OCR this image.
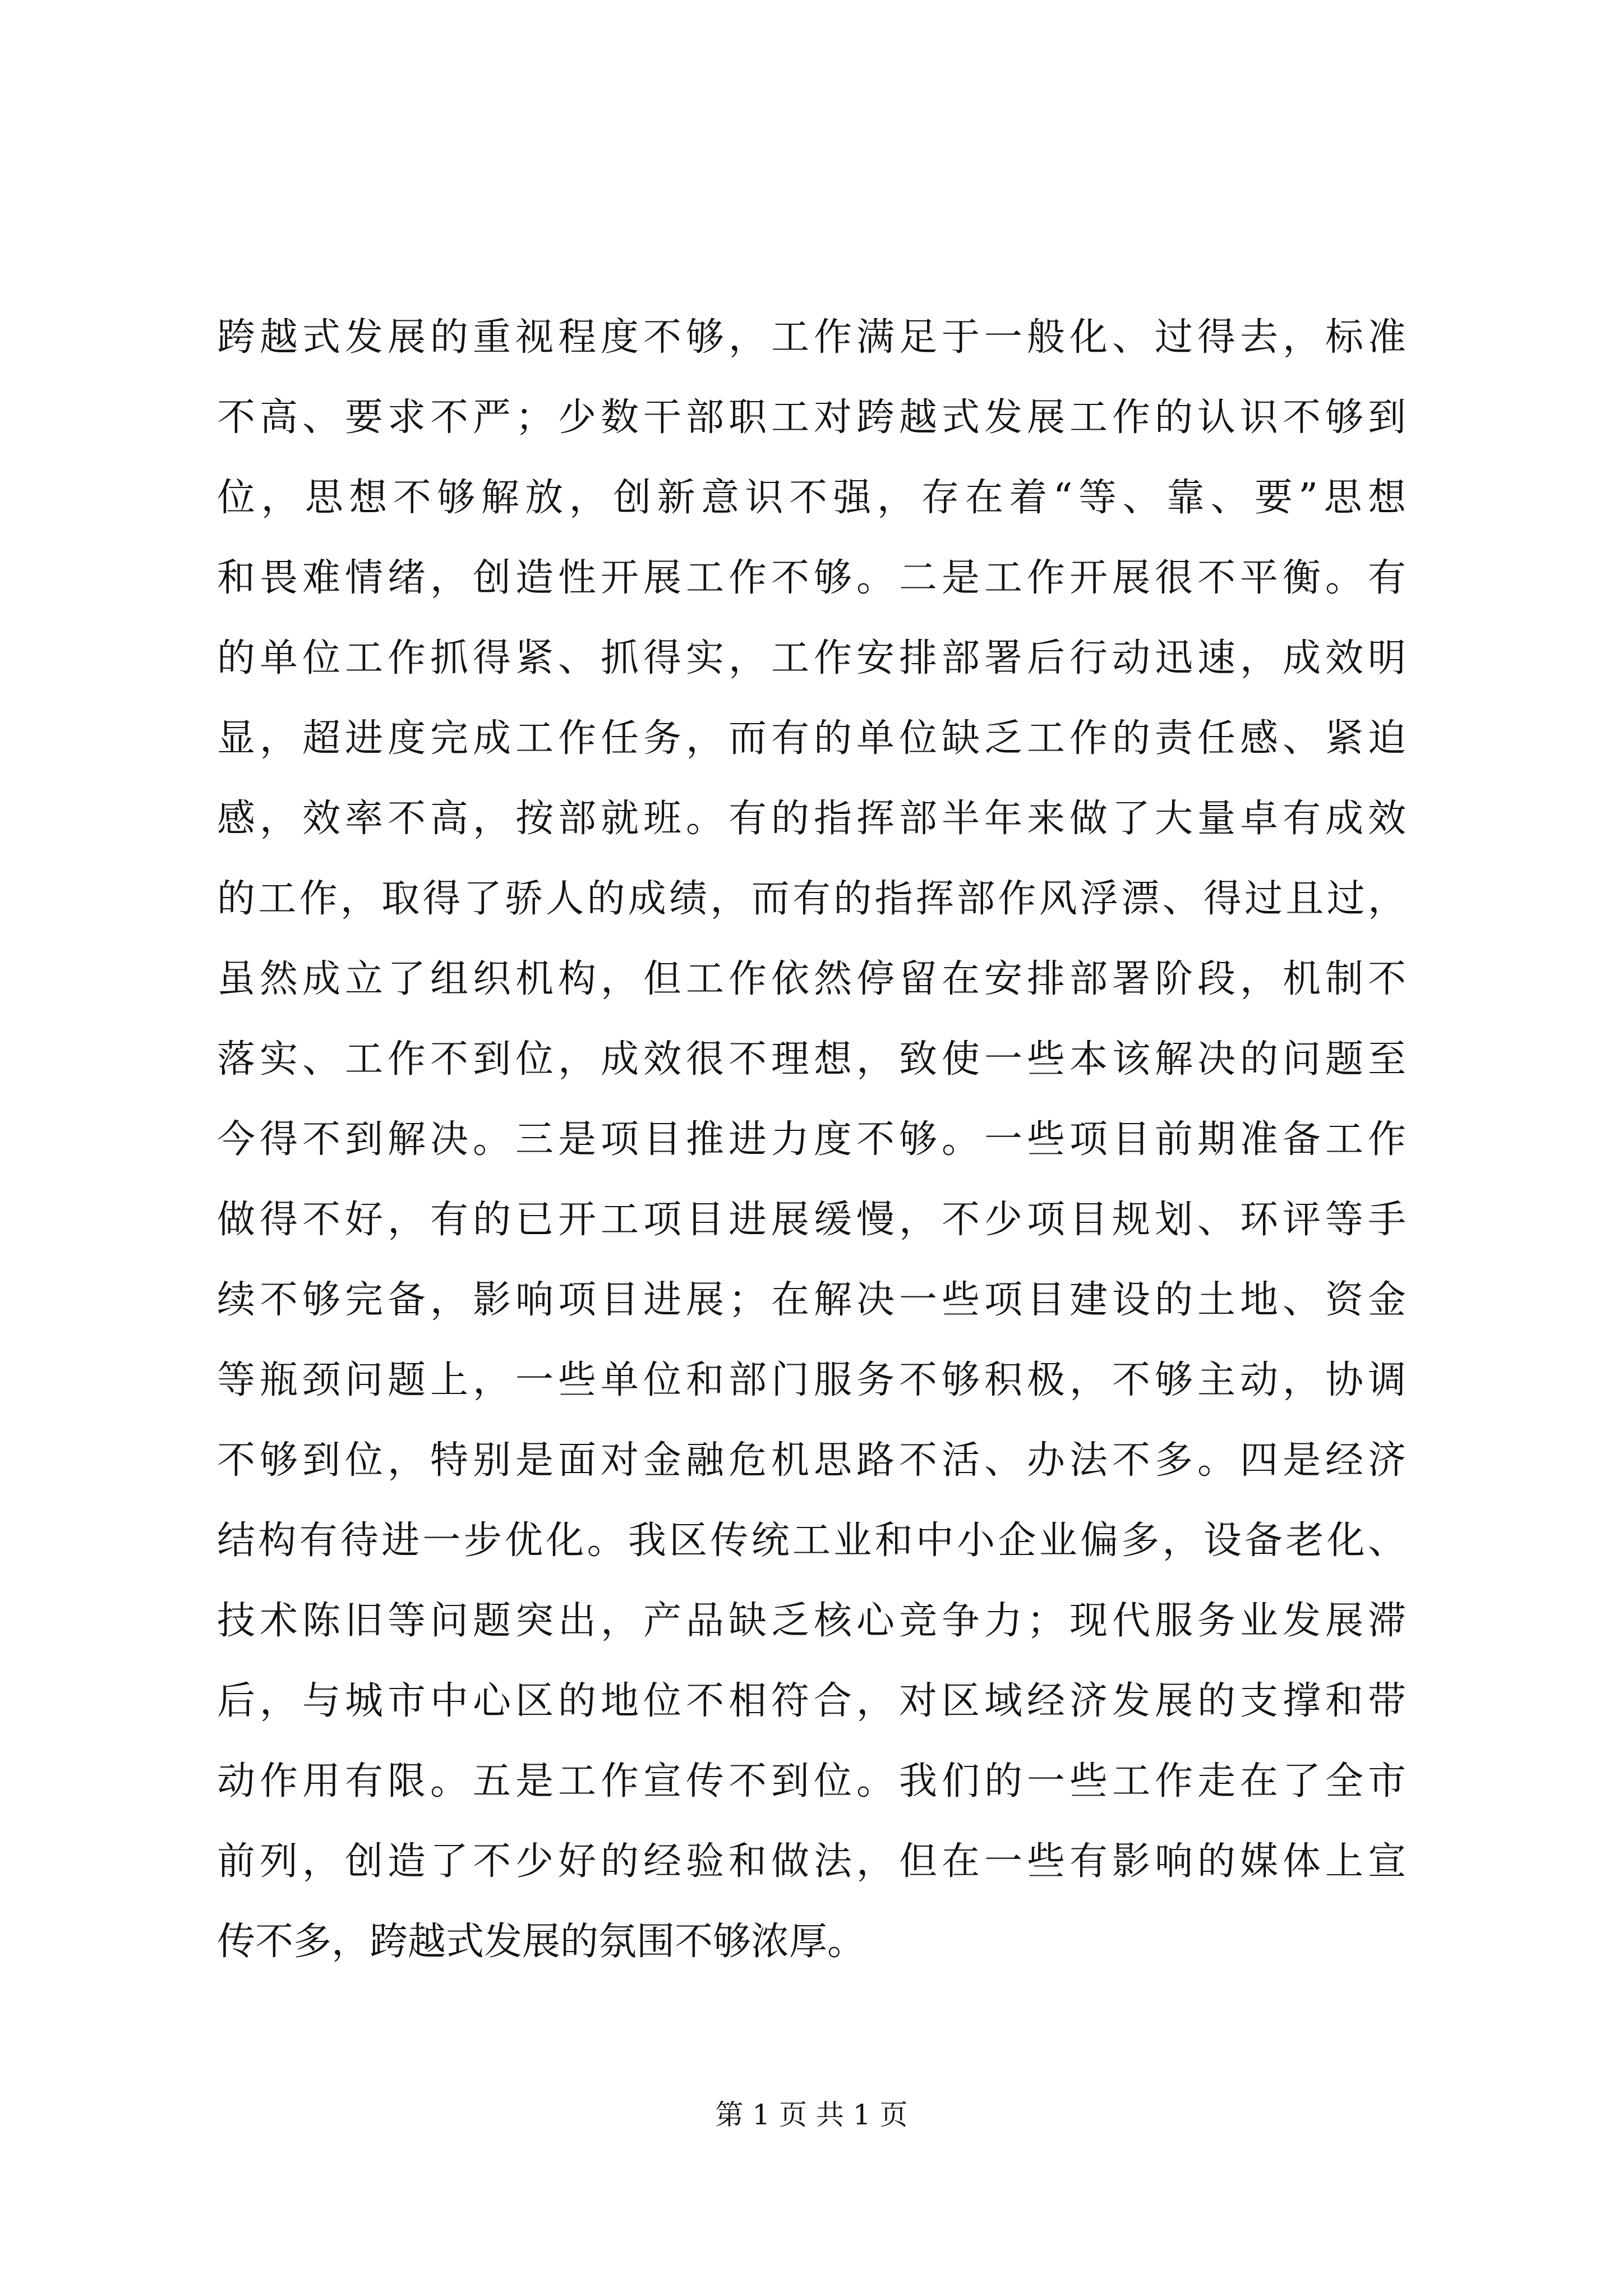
跨越式发展的重视程度不够，工作满足于一般化、过得去，标准
不高、要求不严；少数干部职工对跨越式发展工作的认识不够到
位，思想不够解放，创新意识不强，存在着“等、靠、要”思想
和畏难情绪，创造性开展工作不够。二是工作开展很不平衡。有
的单位工作抓得紧、抓得实，工作安排部署后行动迅速，成效明
显，超进度完成工作任务，而有的单位缺乏工作的责任感、紧迫
感，效率不高，按部就班。有的指挥部半年来做了大量卓有成效
的工作，取得了骄人的成绩，而有的指挥部作风浮漂、得过且过，
虽然成立了组织机构，但工作依然停留在安排部署阶段，机制不
落实、工作不到位，成效很不理想，致使一些本该解决的问题至
今得不到解决。三是项目推进力度不够。一些项目前期准备工作
做得不好，有的已开工项目进展缓慢，不少项目规划、环评等手
续不够完备，影响项目进展；在解决一些项目建设的土地、资金
等瓶颈问题上，一些单位和部门服务不够积极，不够主动，协调
不够到位，特别是面对金融危机思路不活、办法不多。四是经济
结构有待进一步优化。我区传统工业和中小企业偏多，设备老化、
技术陈旧等问题突出，产品缺乏核心竞争力；现代服务业发展滞
后，与城市中心区的地位不相符合，对区域经济发展的支撑和带
动作用有限。五是工作宣传不到位。我们的一些工作走在了全市
前列，创造了不少好的经验和做法，但在一些有影响的媒体上宣
传不多，跨越式发展的氛围不够浓厚。
第 1 页 共 1 页
